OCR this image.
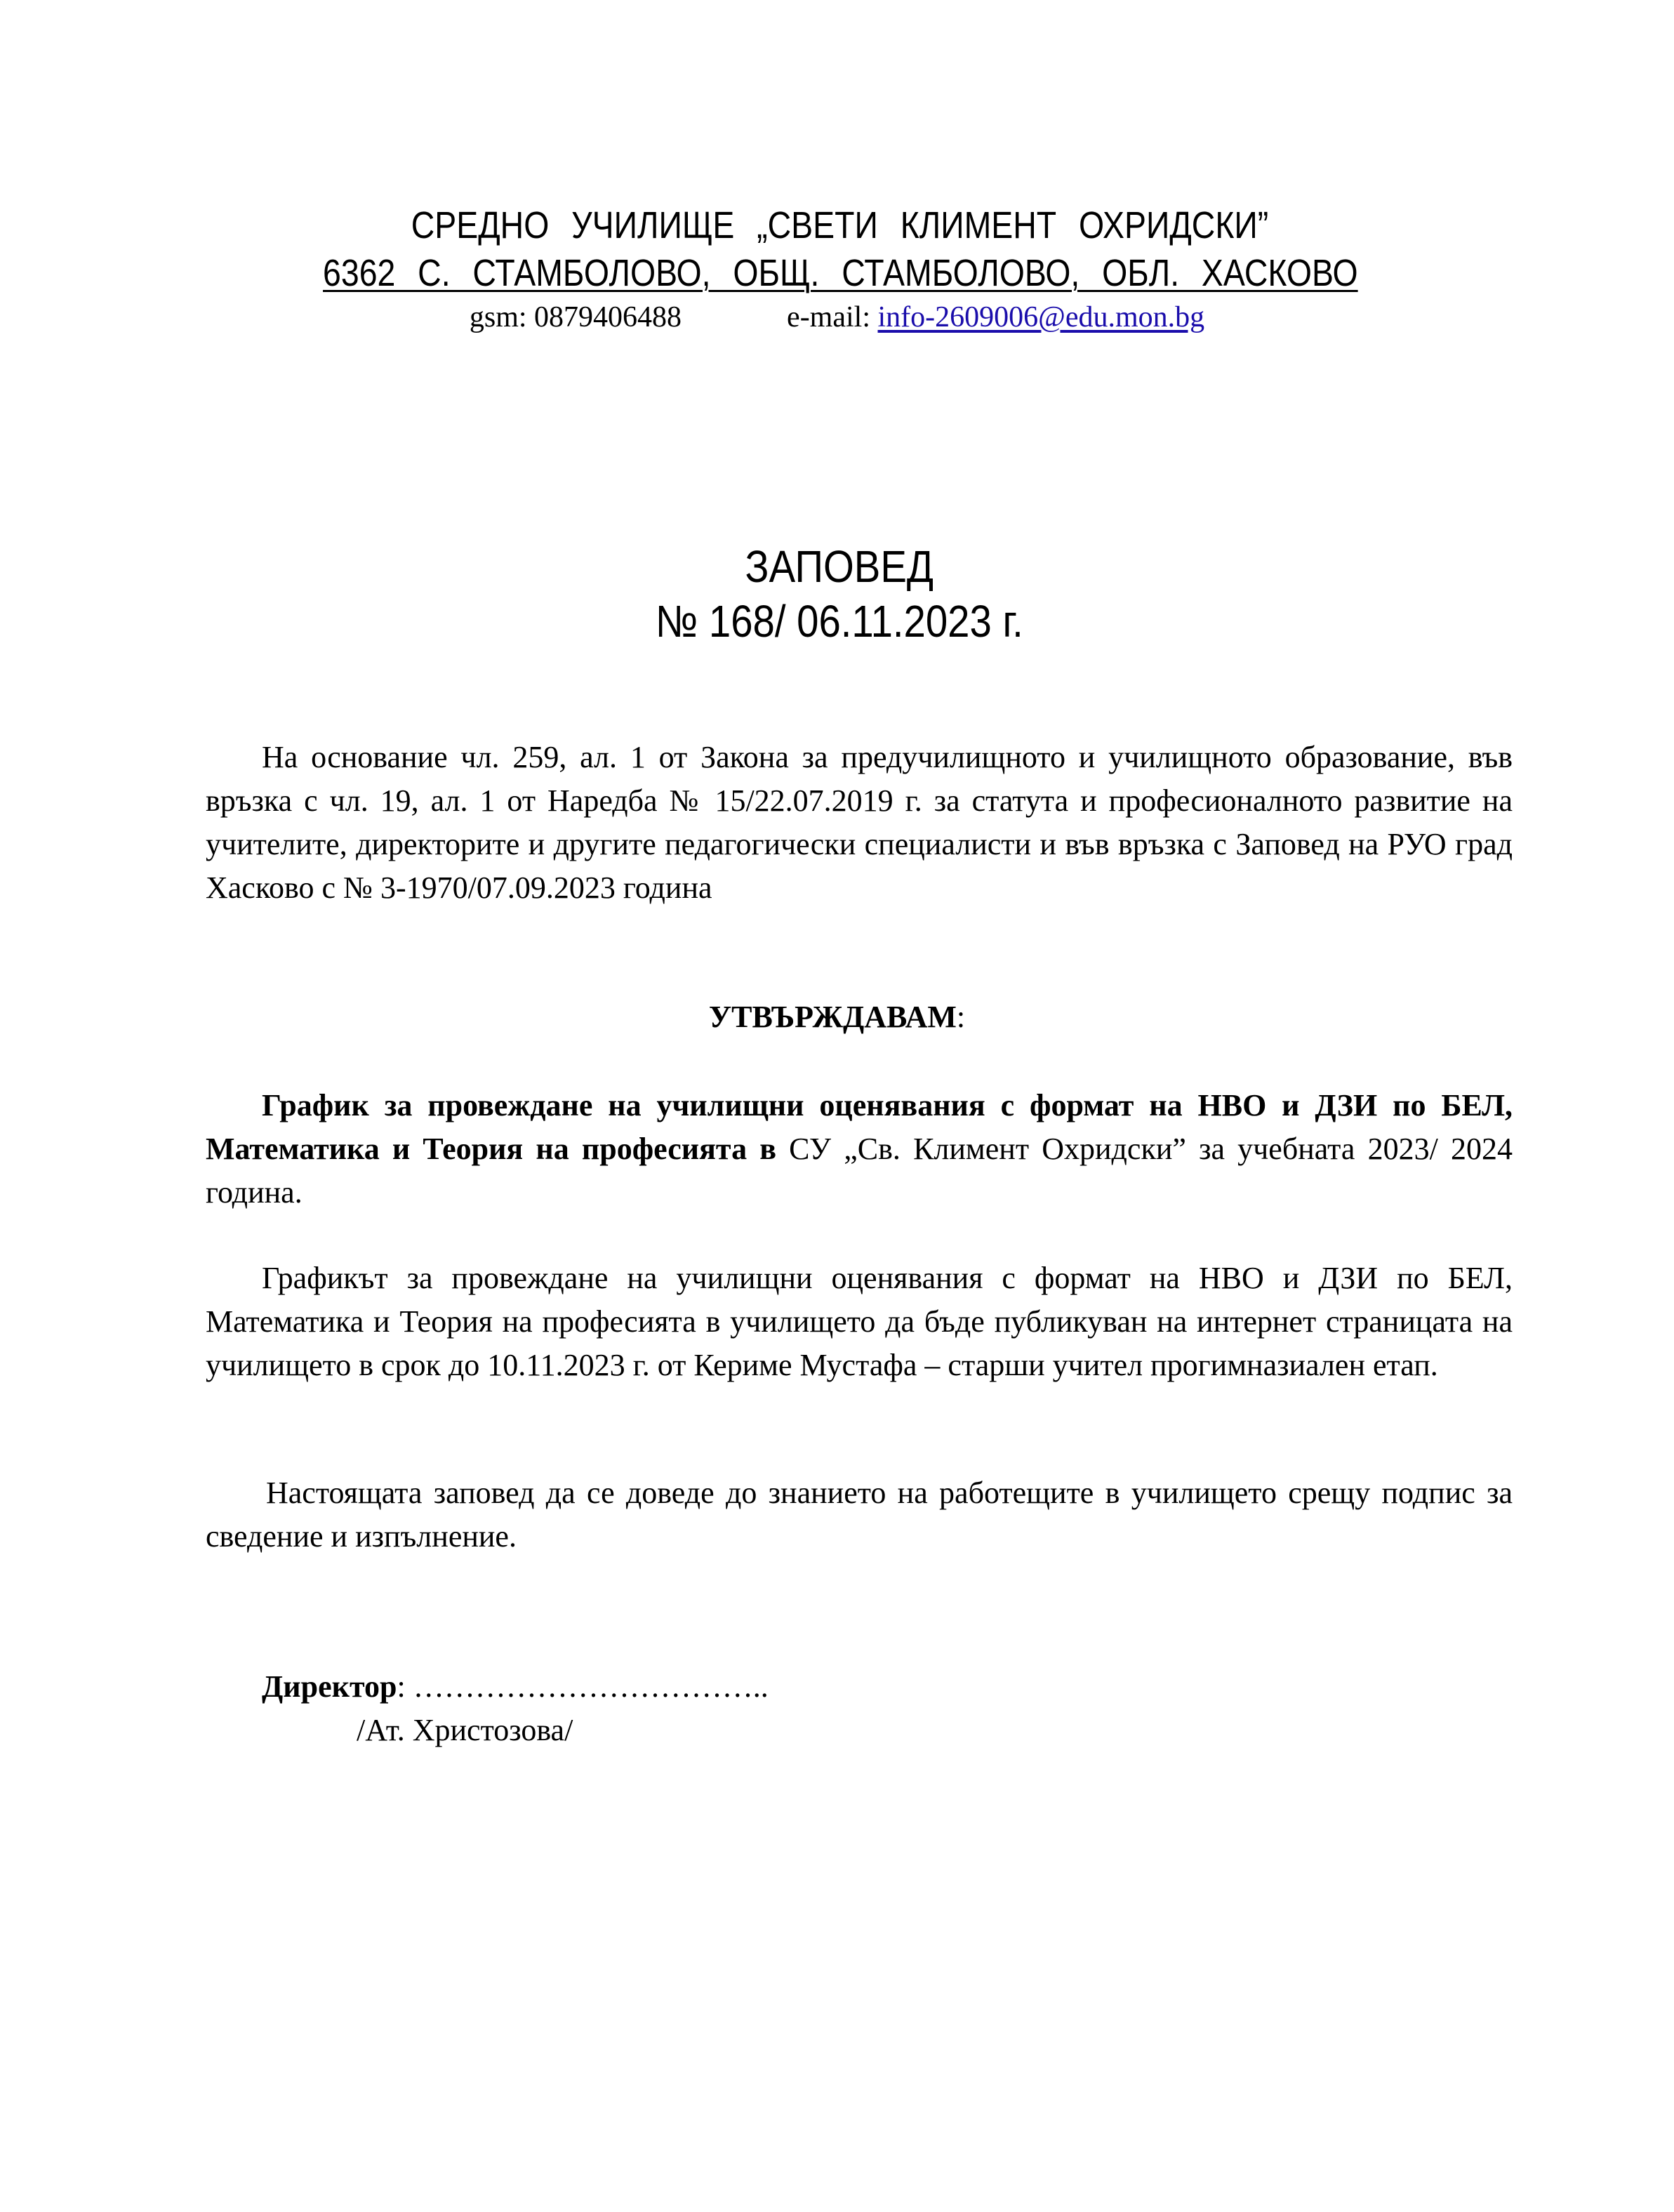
СРЕДНО УЧИЛИЩЕ „СВЕТИ КЛИМЕНТ ОХРИДСКИ”
6362 С. СТАМБОЛОВО, ОБЩ. СТАМБОЛОВО, ОБЛ. ХАСКОВО
gsm: 0879406488	e-mail: info-2609006@edu.mon.bg
ЗАПОВЕД
№ 168/ 06.11.2023 г.
На основание чл. 259, ал. 1 от Закона за предучилищното и училищното образование, във връзка с чл. 19, ал. 1 от Наредба № 15/22.07.2019 г. за статута и професионалното развитие на учителите, директорите и другите педагогически специалисти и във връзка с Заповед на РУО град Хасково с № 3-1970/07.09.2023 година
УТВЪРЖДАВАМ:
График за провеждане на училищни оценявания с формат на НВО и ДЗИ по БЕЛ, Математика и Теория на професията в СУ „Св. Климент Охридски” за учебната 2023/ 2024 година.
Графикът за провеждане на училищни оценявания с формат на НВО и ДЗИ по БЕЛ, Математика и Теория на професията в училището да бъде публикуван на интернет страницата на училището в срок до 10.11.2023 г. от Кериме Мустафа – старши учител прогимназиален етап.
Настоящата заповед да се доведе до знанието на работещите в училището срещу подпис за сведение и изпълнение.
Директор: ……………………………..
/Ат. Христозова/
